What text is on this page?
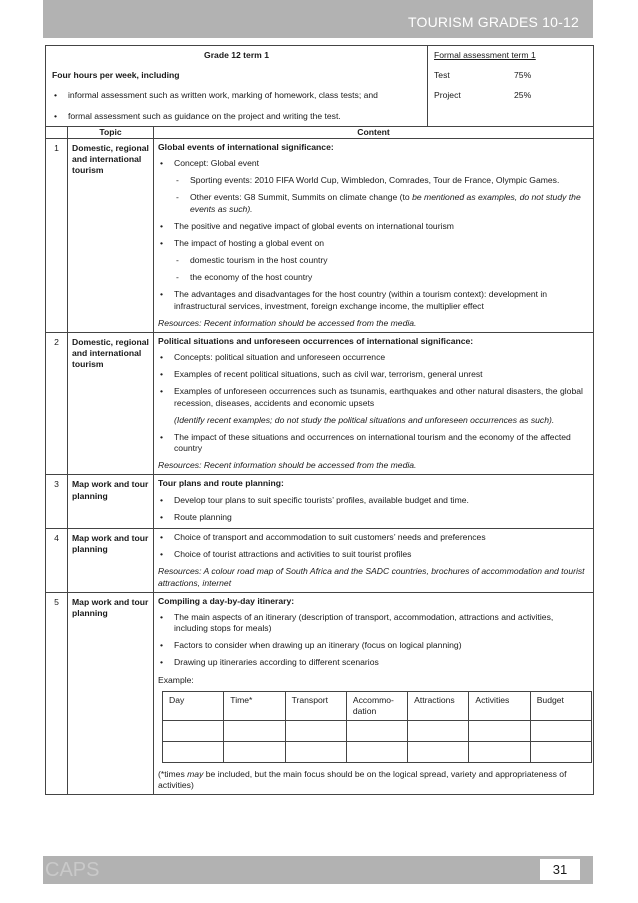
TOURISM GRADES 10-12
Grade 12 term 1
Four hours per week, including
• informal assessment such as written work, marking of homework, class tests; and
• formal assessment such as guidance on the project and writing the test.

Formal assessment term 1
Test	75%
Project	25%

	Topic	Content
1	Domestic, regional and international tourism	
Global events of international significance:
• Concept: Global event
- Sporting events: 2010 FIFA World Cup, Wimbledon, Comrades, Tour de France, Olympic Games.
- Other events: G8 Summit, Summits on climate change (to be mentioned as examples, do not study the events as such).
• The positive and negative impact of global events on international tourism
• The impact of hosting a global event on
- domestic tourism in the host country
- the economy of the host country
• The advantages and disadvantages for the host country (within a tourism context): development in infrastructural services, investment, foreign exchange income, the multiplier effect
Resources: Recent information should be accessed from the media.

2	Domestic, regional and international tourism	
Political situations and unforeseen occurrences of international significance:
• Concepts: political situation and unforeseen occurrence
• Examples of recent political situations, such as civil war, terrorism, general unrest
• Examples of unforeseen occurrences such as tsunamis, earthquakes and other natural disasters, the global recession, diseases, accidents and economic upsets
(Identify recent examples; do not study the political situations and unforeseen occurrences as such).
• The impact of these situations and occurrences on international tourism and the economy of the affected country
Resources: Recent information should be accessed from the media.

3	Map work and tour planning	
Tour plans and route planning:
• Develop tour plans to suit specific tourists’ profiles, available budget and time.
• Route planning

4	Map work and tour planning	
• Choice of transport and accommodation to suit customers’ needs and preferences
• Choice of tourist attractions and activities to suit tourist profiles
Resources: A colour road map of South Africa and the SADC countries, brochures of accommodation and tourist attractions, internet

5	Map work and tour planning	
Compiling a day-by-day itinerary:
• The main aspects of an itinerary (description of transport, accommodation, attractions and activities, including stops for meals)
• Factors to consider when drawing up an itinerary (focus on logical planning)
• Drawing up itineraries according to different scenarios
Example:
Day	Time*	Transport	Accommo-dation	Attractions	Activities	Budget

(*times may be included, but the main focus should be on the logical spread, variety and appropriateness of activities)
CAPS	31
